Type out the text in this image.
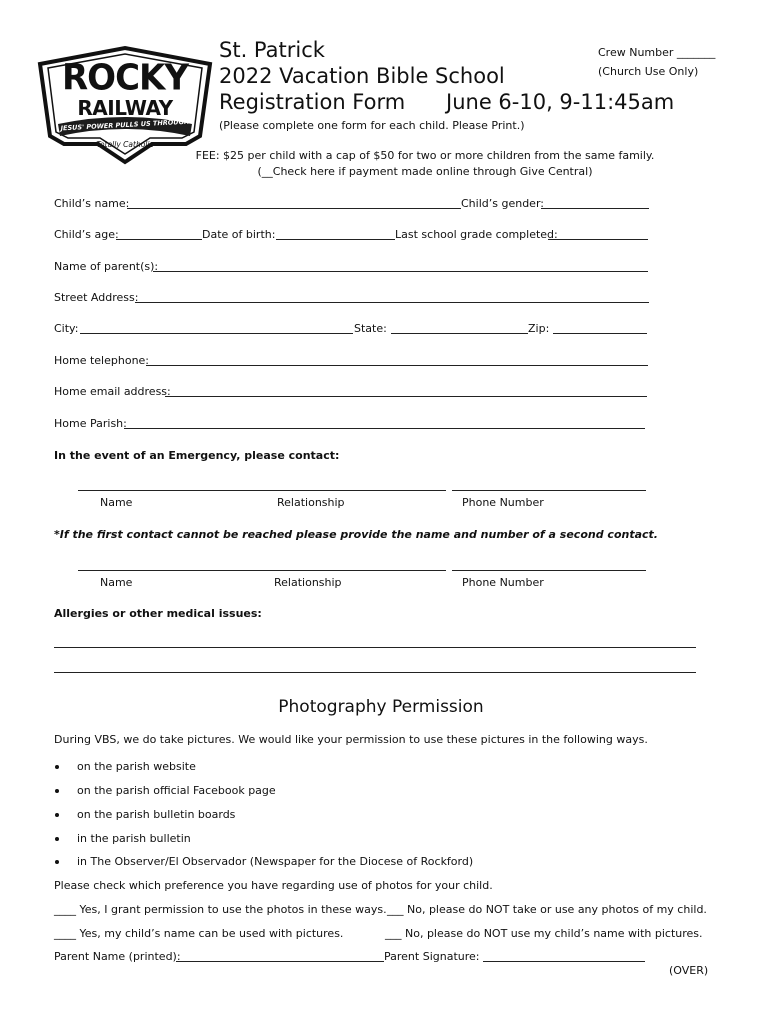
ROCKY
RAILWAY
JESUS' POWER PULLS US THROUGH
Totally Catholic
St. Patrick
2022 Vacation Bible School
Registration Form June 6-10, 9-11:45am
Crew Number _______
(Church Use Only)
(Please complete one form for each child. Please Print.)
FEE: $25 per child with a cap of $50 for two or more children from the same family.
(__Check here if payment made online through Give Central)
Child’s name:	Child’s gender:
Child’s age:	Date of birth:	Last school grade completed:
Name of parent(s):
Street Address:
City:	State:	Zip:
Home telephone:
Home email address:
Home Parish:
In the event of an Emergency, please contact:
Name	Relationship	Phone Number
*If the first contact cannot be reached please provide the name and number of a second contact.
Name	Relationship	Phone Number
Allergies or other medical issues:
Photography Permission
During VBS, we do take pictures. We would like your permission to use these pictures in the following ways.
on the parish website
on the parish official Facebook page
on the parish bulletin boards
in the parish bulletin
in The Observer/El Observador (Newspaper for the Diocese of Rockford)
Please check which preference you have regarding use of photos for your child.
____ Yes, I grant permission to use the photos in these ways. ___ No, please do NOT take or use any photos of my child.
____ Yes, my child’s name can be used with pictures.	___ No, please do NOT use my child’s name with pictures.
Parent Name (printed):	Parent Signature:
(OVER)
